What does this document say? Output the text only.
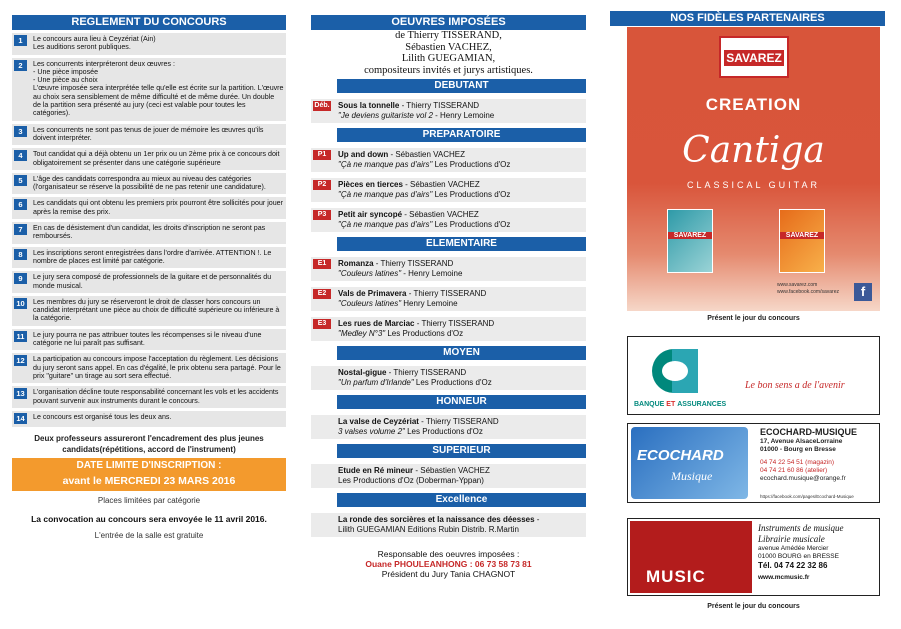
REGLEMENT DU CONCOURS
1	Le concours aura lieu à Ceyzériat (Ain)
Les auditions seront publiques.
2	Les concurrents interpréteront deux œuvres :
- Une pièce imposée
- Une pièce au choix
L'œuvre imposée sera interprétée telle qu'elle est écrite sur la partition. L'œuvre au choix sera sensiblement de même difficulté et de même durée. Un double de la partition sera présenté au jury (ceci est valable pour toutes les catégories).
3	Les concurrents ne sont pas tenus de jouer de mémoire les œuvres qu'ils doivent interpréter.
4	Tout candidat qui a déjà obtenu un 1er prix ou un 2ème prix à ce concours doit obligatoirement se présenter dans une catégorie supérieure
5	L'âge des candidats correspondra au mieux au niveau des catégories (l'organisateur se réserve la possibilité de ne pas retenir une candidature).
6	Les candidats qui ont obtenu les premiers prix pourront être sollicités pour jouer après la remise des prix.
7	En cas de désistement d'un candidat, les droits d'inscription ne seront pas remboursés.
8	Les inscriptions seront enregistrées dans l'ordre d'arrivée. ATTENTION !. Le nombre de places est limité par catégorie.
9	Le jury sera composé de professionnels de la guitare et de personnalités du monde musical.
10	Les membres du jury se réserveront le droit de classer hors concours un candidat interprétant une pièce au choix de difficulté supérieure ou inférieure à la catégorie.
11	Le jury pourra ne pas attribuer toutes les récompenses si le niveau d'une catégorie ne lui paraît pas suffisant.
12	La participation au concours impose l'acceptation du règlement. Les décisions du jury seront sans appel. En cas d'égalité, le prix obtenu sera partagé. Pour le prix "guitare" un tirage au sort sera effectué.
13	L'organisation décline toute responsabilité concernant les vols et les accidents pouvant survenir aux instruments durant le concours.
14	Le concours est organisé tous les deux ans.
Deux professeurs assureront l'encadrement des plus jeunes candidats(répétitions, accord de l'instrument)
DATE LIMITE D'INSCRIPTION :
avant le MERCREDI 23 MARS 2016
Places limitées par catégorie
La convocation au concours sera envoyée le 11 avril 2016.
L'entrée de la salle est gratuite
OEUVRES IMPOSÉES
de Thierry TISSERAND,
Sébastien VACHEZ,
Lilith GUEGAMIAN,
compositeurs invités et jurys artistiques.
DEBUTANT
Déb. Sous la tonnelle - Thierry TISSERAND
"Je deviens guitariste vol 2 - Henry Lemoine
PREPARATOIRE
P1	Up and down - Sébastien VACHEZ
"Çà ne manque pas d'airs" Les Productions d'Oz
P2	Pièces en tierces - Sébastien VACHEZ
"Çà ne manque pas d'airs" Les Productions d'Oz
P3	Petit air syncopé - Sébastien VACHEZ
"Çà ne manque pas d'airs" Les Productions d'Oz
ELEMENTAIRE
E1	Romanza - Thierry TISSERAND
"Couleurs latines" - Henry Lemoine
E2	Vals de Primavera - Thierry TISSERAND
"Couleurs latines" Henry Lemoine
E3	Les rues de Marciac - Thierry TISSERAND
"Medley N°3" Les Productions d'Oz
MOYEN
Nostal-gigue - Thierry TISSERAND
"Un parfum d'Irlande" Les Productions d'Oz
HONNEUR
La valse de Ceyzériat - Thierry TISSERAND
3 valses volume 2" Les Productions d'Oz
SUPERIEUR
Etude en Ré mineur - Sébastien VACHEZ
Les Productions d'Oz (Doberman-Yppan)
Excellence
La ronde des sorcières et la naissance des déesses -
Lilith GUEGAMIAN Editions Rubin Distrib. R.Martin
Responsable des oeuvres imposées :
Ouane PHOULEANHONG : 06 73 58 73 81
Président du Jury Tania CHAGNOT
NOS FIDÈLES PARTENAIRES
SAVAREZ
CREATION
Cantiga
CLASSICAL GUITAR
SAVAREZ	SAVAREZ
www.savarez.com
www.facebook.com/savarez	f
Présent le jour du concours
BANQUE ET ASSURANCES
Le bon sens a de l'avenir
ECOCHARD
Musique
ECOCHARD-MUSIQUE
17, Avenue AlsaceLorraine
01000 - Bourg en Bresse
04 74 22 54 51 (magazin)
04 74 21 60 86 (atelier)
ecochard.musique@orange.fr
https://facebook.com/pages/Ecochard-Musique
MUSIC
Instruments de musique
Librairie musicale
avenue Amédée Mercier
01000 BOURG en BRESSE
Tél. 04 74 22 32 86
www.mcmusic.fr
Présent le jour du concours
